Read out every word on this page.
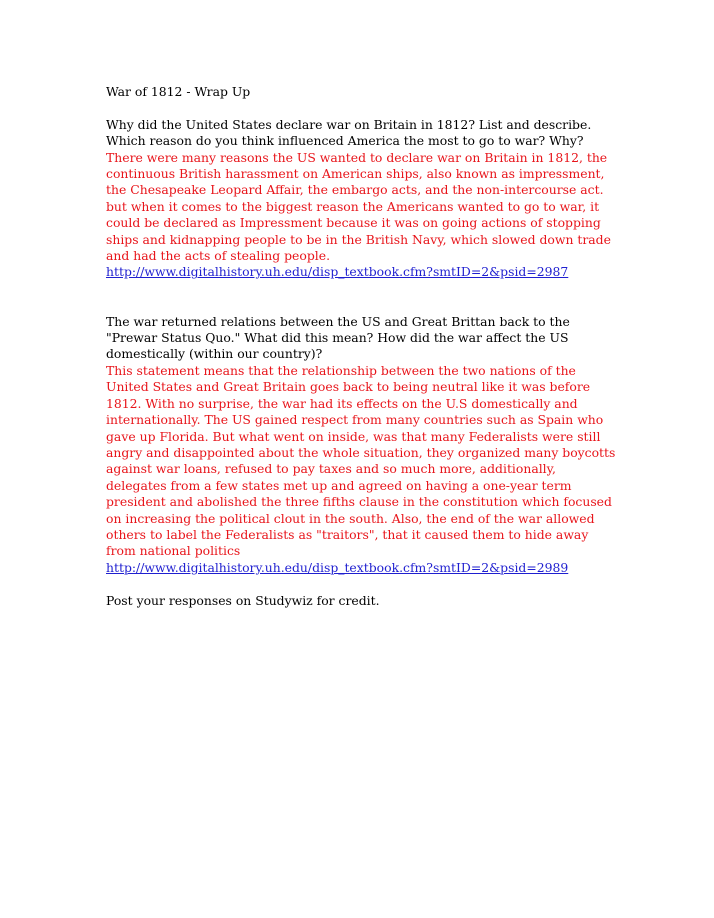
War of 1812 - Wrap Up

Why did the United States declare war on Britain in 1812? List and describe. Which reason do you think influenced America the most to go to war? Why?

There were many reasons the US wanted to declare war on Britain in 1812, the continuous British harassment on American ships, also known as impressment, the Chesapeake Leopard Affair, the embargo acts, and the non-intercourse act. but when it comes to the biggest reason the Americans wanted to go to war, it could be declared as Impressment because it was on going actions of stopping ships and kidnapping people to be in the British Navy, which slowed down trade and had the acts of stealing people.

http://www.digitalhistory.uh.edu/disp_textbook.cfm?smtID=2&psid=2987

The war returned relations between the US and Great Brittan back to the "Prewar Status Quo." What did this mean? How did the war affect the US domestically (within our country)?

This statement means that the relationship between the two nations of the United States and Great Britain goes back to being neutral like it was before 1812. With no surprise, the war had its effects on the U.S domestically and internationally. The US gained respect from many countries such as Spain who gave up Florida. But what went on inside, was that many Federalists were still angry and disappointed about the whole situation, they organized many boycotts against war loans, refused to pay taxes and so much more, additionally, delegates from a few states met up and agreed on having a one-year term president and abolished the three fifths clause in the constitution which focused on increasing the political clout in the south. Also, the end of the war allowed others to label the Federalists as "traitors", that it caused them to hide away from national politics

http://www.digitalhistory.uh.edu/disp_textbook.cfm?smtID=2&psid=2989

Post your responses on Studywiz for credit.
